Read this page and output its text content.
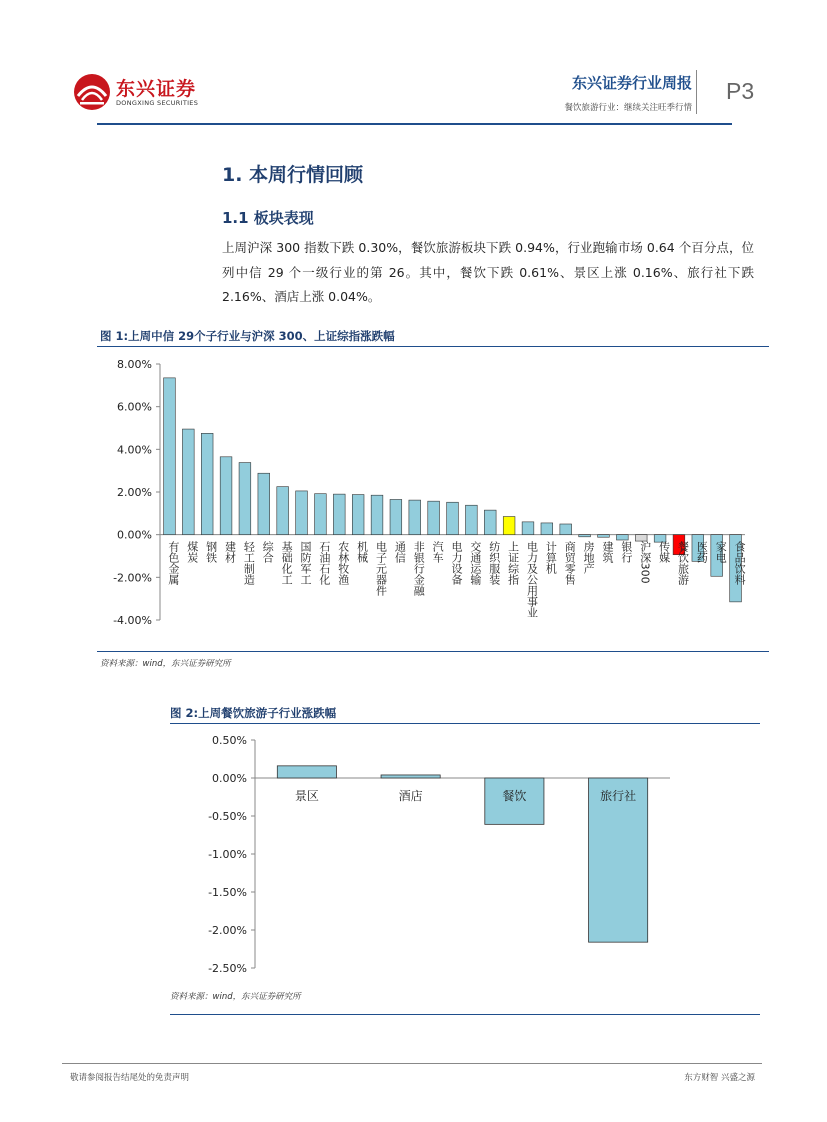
东兴证券
DONGXING SECURITIES
东兴证券行业周报
餐饮旅游行业：继续关注旺季行情
P3
1. 本周行情回顾
1.1 板块表现
上周沪深 300 指数下跌 0.30%，餐饮旅游板块下跌 0.94%，行业跑输市场 0.64 个百分点，位列中信 29 个一级行业的第 26。其中，餐饮下跌 0.61%、景区上涨 0.16%、旅行社下跌 2.16%、酒店上涨 0.04%。
图 1:上周中信 29个子行业与沪深 300、上证综指涨跌幅
8.00%
6.00%
4.00%
2.00%
0.00%
-2.00%
-4.00%
有色金属 煤炭 钢铁 建材 轻工制造 综合 基础化工 国防军工 石油石化 农林牧渔 机械 电子元器件 通信 非银行金融 汽车 电力设备 交通运输 纺织服装 上证综指 电力及公用事业 计算机 商贸零售 房地产 建筑 银行 沪深300 传媒 餐饮旅游 医药 家电 食品饮料
资料来源：wind，东兴证券研究所
图 2:上周餐饮旅游子行业涨跌幅
0.50%
0.00%
-0.50%
-1.00%
-1.50%
-2.00%
-2.50%
景区	酒店	餐饮	旅行社
资料来源：wind，东兴证券研究所
敬请参阅报告结尾处的免责声明	东方财智 兴盛之源
